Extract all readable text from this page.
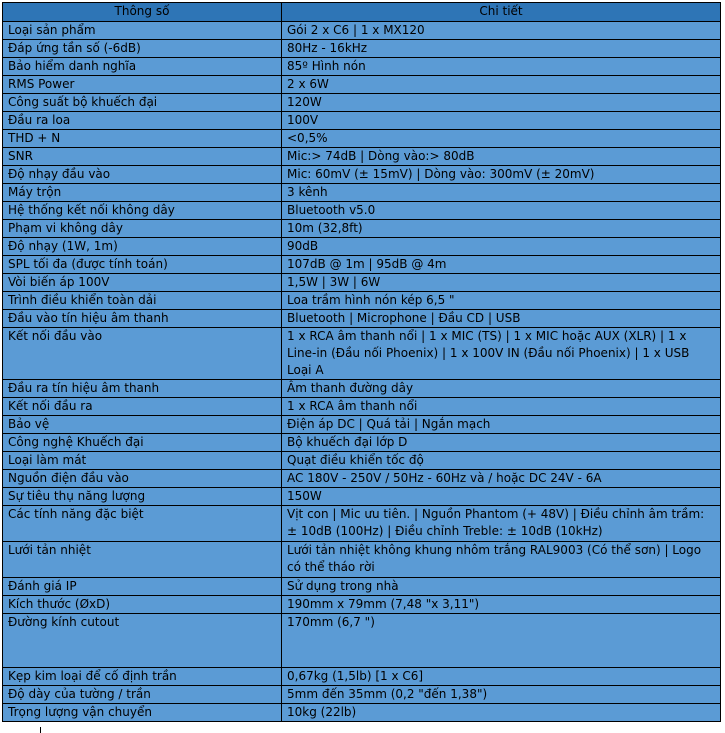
Thông số	Chi tiết
Loại sản phẩm	Gói 2 x C6 | 1 x MX120
Đáp ứng tần số (-6dB)	80Hz - 16kHz
Bảo hiểm danh nghĩa	85º Hình nón
RMS Power	2 x 6W
Công suất bộ khuếch đại	120W
Đầu ra loa	100V
THD + N	<0,5%
SNR	Mic:> 74dB | Dòng vào:> 80dB
Độ nhạy đầu vào	Mic: 60mV (± 15mV) | Dòng vào: 300mV (± 20mV)
Máy trộn	3 kênh
Hệ thống kết nối không dây	Bluetooth v5.0
Phạm vi không dây	10m (32,8ft)
Độ nhạy (1W, 1m)	90dB
SPL tối đa (được tính toán)	107dB @ 1m | 95dB @ 4m
Vòi biến áp 100V	1,5W | 3W | 6W
Trình điều khiển toàn dải	Loa trầm hình nón kép 6,5 "
Đầu vào tín hiệu âm thanh	Bluetooth | Microphone | Đầu CD | USB
Kết nối đầu vào	1 x RCA âm thanh nổi | 1 x MIC (TS) | 1 x MIC hoặc AUX (XLR) | 1 x Line-in (Đầu nối Phoenix) | 1 x 100V IN (Đầu nối Phoenix) | 1 x USB Loại A
Đầu ra tín hiệu âm thanh	Âm thanh đường dây
Kết nối đầu ra	1 x RCA âm thanh nổi
Bảo vệ	Điện áp DC | Quá tải | Ngắn mạch
Công nghệ Khuếch đại	Bộ khuếch đại lớp D
Loại làm mát	Quạt điều khiển tốc độ
Nguồn điện đầu vào	AC 180V - 250V / 50Hz - 60Hz và / hoặc DC 24V - 6A
Sự tiêu thụ năng lượng	150W
Các tính năng đặc biệt	Vịt con | Mic ưu tiên. | Nguồn Phantom (+ 48V) | Điều chỉnh âm trầm: ± 10dB (100Hz) | Điều chỉnh Treble: ± 10dB (10kHz)
Lưới tản nhiệt	Lưới tản nhiệt không khung nhôm trắng RAL9003 (Có thể sơn) | Logo có thể tháo rời
Đánh giá IP	Sử dụng trong nhà
Kích thước (ØxD)	190mm x 79mm (7,48 "x 3,11")
Đường kính cutout	170mm (6,7 ")
Kẹp kim loại để cố định trần	0,67kg (1,5lb) [1 x C6]
Độ dày của tường / trần	5mm đến 35mm (0,2 "đến 1,38")
Trọng lượng vận chuyển	10kg (22lb)
